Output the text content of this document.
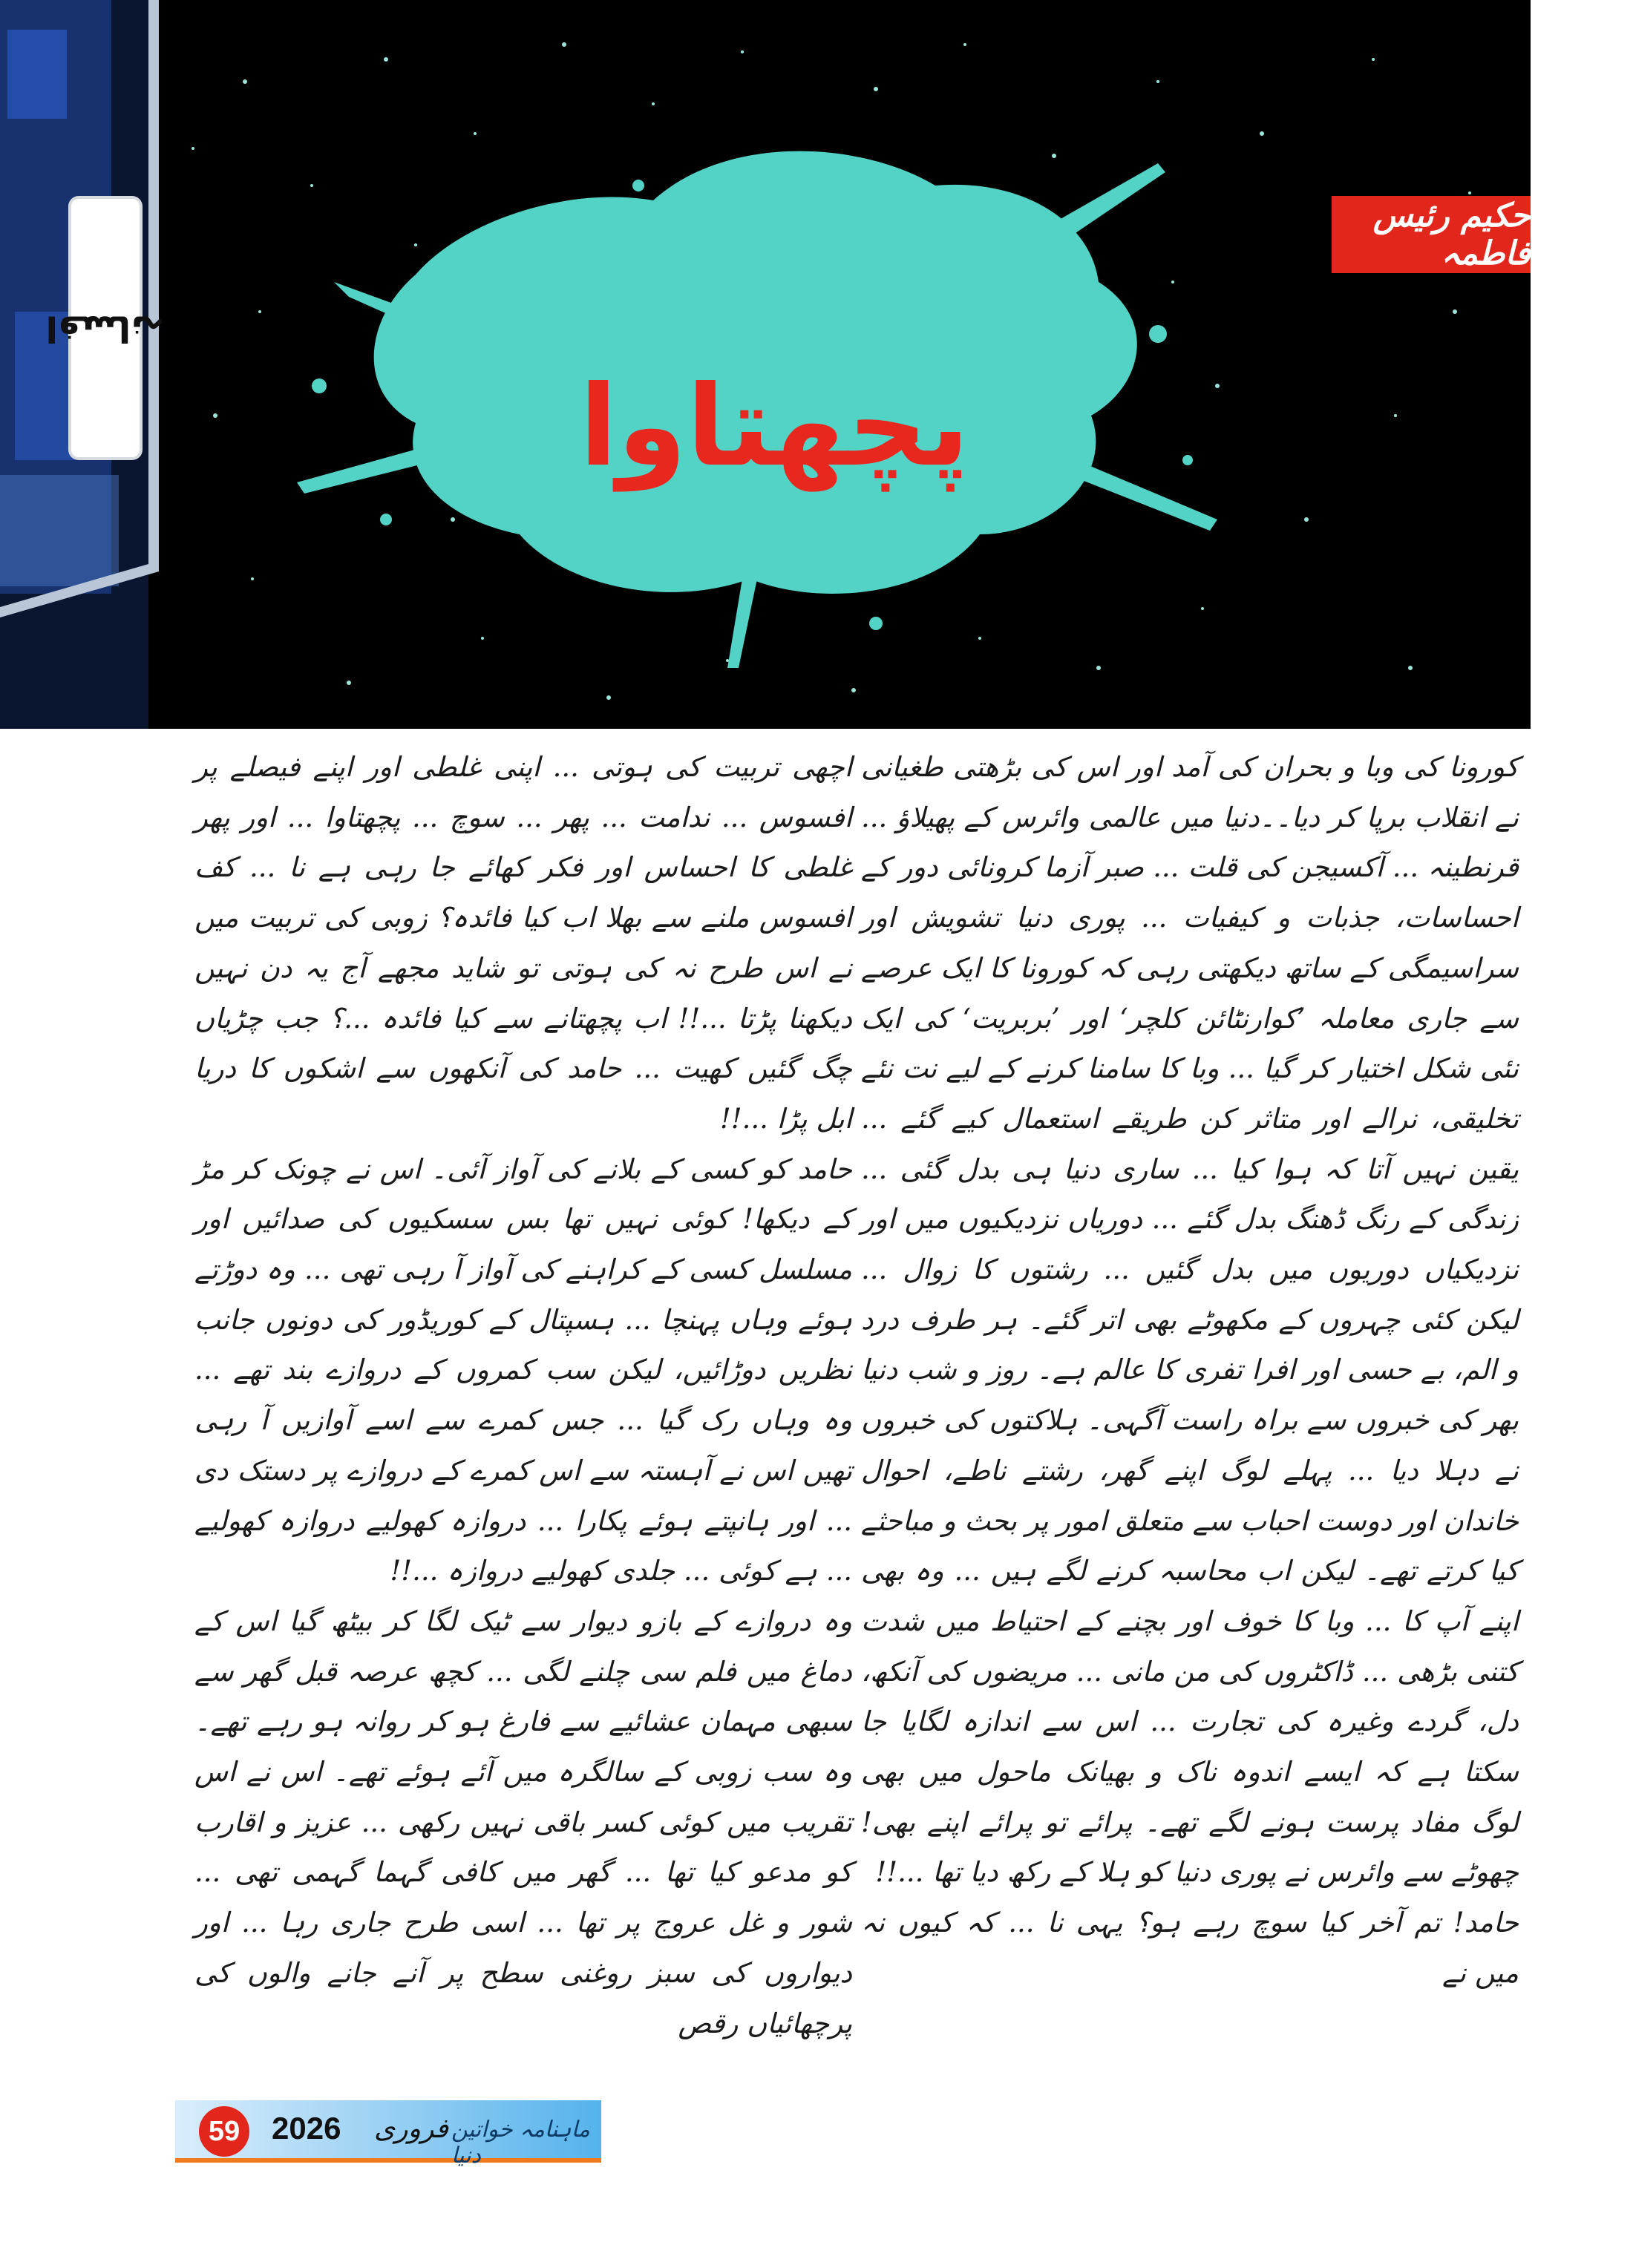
افسانہ
حکیم رئیس فاطمہ
پچھتاوا

کورونا کی وبا و بحران کی آمد اور اس کی بڑھتی طغیانی نے انقلاب برپا کر دیا۔۔دنیا میں عالمی وائرس کے پھیلاؤ ... قرنطینہ ... آکسیجن کی قلت ... صبر آزما کرونائی دور کے احساسات، جذبات و کیفیات ... پوری دنیا تشویش اور سراسیمگی کے ساتھ دیکھتی رہی کہ کورونا کا ایک عرصے سے جاری معاملہ ’کوارنٹائن کلچر‘ اور ’بربریت‘ کی ایک نئی شکل اختیار کر گیا ... وبا کا سامنا کرنے کے لیے نت نئے تخلیقی، نرالے اور متاثر کن طریقے استعمال کیے گئے ... یقین نہیں آتا کہ ہوا کیا ... ساری دنیا ہی بدل گئی ... زندگی کے رنگ ڈھنگ بدل گئے ... دوریاں نزدیکیوں میں اور نزدیکیاں دوریوں میں بدل گئیں ... رشتوں کا زوال ... لیکن کئی چہروں کے مکھوٹے بھی اتر گئے۔ ہر طرف درد و الم، بے حسی اور افرا تفری کا عالم ہے۔ روز و شب دنیا بھر کی خبروں سے براہ راست آگہی۔ ہلاکتوں کی خبروں نے دہلا دیا ... پہلے لوگ اپنے گھر، رشتے ناطے، احوال خاندان اور دوست احباب سے متعلق امور پر بحث و مباحثے کیا کرتے تھے۔ لیکن اب محاسبہ کرنے لگے ہیں ... وہ بھی اپنے آپ کا ... وبا کا خوف اور بچنے کے احتیاط میں شدت کتنی بڑھی ... ڈاکٹروں کی من مانی ... مریضوں کی آنکھ، دل، گردے وغیرہ کی تجارت ... اس سے اندازہ لگایا جا سکتا ہے کہ ایسے اندوہ ناک و بھیانک ماحول میں بھی لوگ مفاد پرست ہونے لگے تھے۔ پرائے تو پرائے اپنے بھی! چھوٹے سے وائرس نے پوری دنیا کو ہلا کے رکھ دیا تھا ...!!

حامد! تم آخر کیا سوچ رہے ہو؟ یہی نا ... کہ کیوں نہ میں نے

اچھی تربیت کی ہوتی ... اپنی غلطی اور اپنے فیصلے پر افسوس ... ندامت ... پھر ... سوچ ... پچھتاوا ... اور پھر غلطی کا احساس اور فکر کھائے جا رہی ہے نا ... کف افسوس ملنے سے بھلا اب کیا فائدہ؟ زوبی کی تربیت میں نے اس طرح نہ کی ہوتی تو شاید مجھے آج یہ دن نہیں دیکھنا پڑتا ...!! اب پچھتانے سے کیا فائدہ ...؟ جب چڑیاں چگ گئیں کھیت ... حامد کی آنکھوں سے اشکوں کا دریا ابل پڑا ...!!

حامد کو کسی کے بلانے کی آواز آئی۔ اس نے چونک کر مڑ کے دیکھا! کوئی نہیں تھا بس سسکیوں کی صدائیں اور مسلسل کسی کے کراہنے کی آواز آ رہی تھی ... وہ دوڑتے ہوئے وہاں پہنچا ... ہسپتال کے کوریڈور کی دونوں جانب نظریں دوڑائیں، لیکن سب کمروں کے دروازے بند تھے ... وہ وہاں رک گیا ... جس کمرے سے اسے آوازیں آ رہی تھیں اس نے آہستہ سے اس کمرے کے دروازے پر دستک دی ... اور ہانپتے ہوئے پکارا ... دروازہ کھولیے دروازہ کھولیے ... ہے کوئی ... جلدی کھولیے دروازہ ...!!

وہ دروازے کے بازو دیوار سے ٹیک لگا کر بیٹھ گیا اس کے دماغ میں فلم سی چلنے لگی ... کچھ عرصہ قبل گھر سے سبھی مہمان عشائیے سے فارغ ہو کر روانہ ہو رہے تھے۔ وہ سب زوبی کے سالگرہ میں آئے ہوئے تھے۔ اس نے اس تقریب میں کوئی کسر باقی نہیں رکھی ... عزیز و اقارب کو مدعو کیا تھا ... گھر میں کافی گہما گہمی تھی ... شور و غل عروج پر تھا ... اسی طرح جاری رہا ... اور دیواروں کی سبز روغنی سطح پر آنے جانے والوں کی پرچھائیاں رقص

59	2026 فروری ماہنامہ خواتین دنیا
